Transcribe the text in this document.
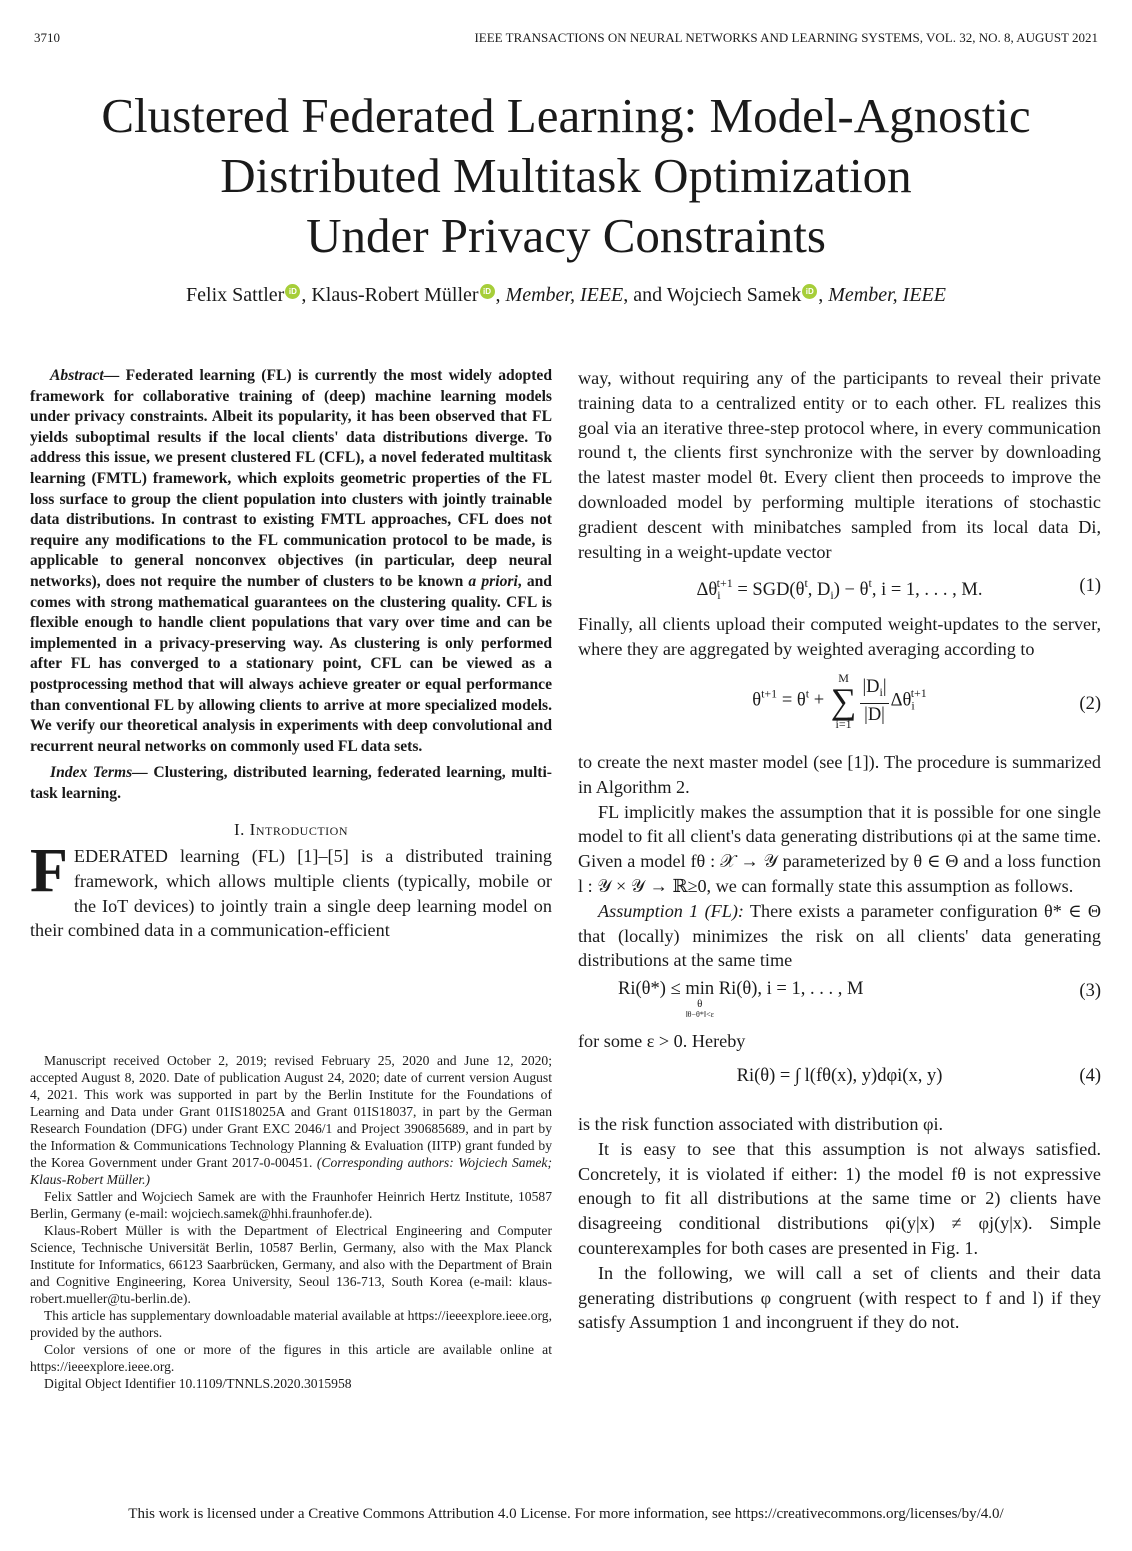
3710	IEEE TRANSACTIONS ON NEURAL NETWORKS AND LEARNING SYSTEMS, VOL. 32, NO. 8, AUGUST 2021
Clustered Federated Learning: Model-Agnostic
Distributed Multitask Optimization
Under Privacy Constraints
Felix Sattler iD , Klaus-Robert Müller iD , Member, IEEE, and Wojciech Samek iD , Member, IEEE

Abstract— Federated learning (FL) is currently the most widely adopted framework for collaborative training of (deep) machine learning models under privacy constraints. Albeit its popularity, it has been observed that FL yields suboptimal results if the local clients' data distributions diverge. To address this issue, we present clustered FL (CFL), a novel federated multitask learning (FMTL) framework, which exploits geometric properties of the FL loss surface to group the client population into clusters with jointly trainable data distributions. In contrast to existing FMTL approaches, CFL does not require any modifications to the FL communication protocol to be made, is applicable to general nonconvex objectives (in particular, deep neural networks), does not require the number of clusters to be known a priori, and comes with strong mathematical guarantees on the clustering quality. CFL is flexible enough to handle client populations that vary over time and can be implemented in a privacy-preserving way. As clustering is only performed after FL has converged to a stationary point, CFL can be viewed as a postprocessing method that will always achieve greater or equal performance than conventional FL by allowing clients to arrive at more specialized models. We verify our theoretical analysis in experiments with deep convolutional and recurrent neural networks on commonly used FL data sets.

Index Terms— Clustering, distributed learning, federated learning, multi-task learning.

I. Introduction

FEDERATED learning (FL) [1]–[5] is a distributed training framework, which allows multiple clients (typically, mobile or the IoT devices) to jointly train a single deep learning model on their combined data in a communication-efficient

Manuscript received October 2, 2019; revised February 25, 2020 and June 12, 2020; accepted August 8, 2020. Date of publication August 24, 2020; date of current version August 4, 2021. This work was supported in part by the Berlin Institute for the Foundations of Learning and Data under Grant 01IS18025A and Grant 01IS18037, in part by the German Research Foundation (DFG) under Grant EXC 2046/1 and Project 390685689, and in part by the Information & Communications Technology Planning & Evaluation (IITP) grant funded by the Korea Government under Grant 2017-0-00451. (Corresponding authors: Wojciech Samek; Klaus-Robert Müller.)

Felix Sattler and Wojciech Samek are with the Fraunhofer Heinrich Hertz Institute, 10587 Berlin, Germany (e-mail: wojciech.samek@hhi.fraunhofer.de).

Klaus-Robert Müller is with the Department of Electrical Engineering and Computer Science, Technische Universität Berlin, 10587 Berlin, Germany, also with the Max Planck Institute for Informatics, 66123 Saarbrücken, Germany, and also with the Department of Brain and Cognitive Engineering, Korea University, Seoul 136-713, South Korea (e-mail: klaus-robert.mueller@tu-berlin.de).

This article has supplementary downloadable material available at https://ieeexplore.ieee.org, provided by the authors.

Color versions of one or more of the figures in this article are available online at https://ieeexplore.ieee.org.

Digital Object Identifier 10.1109/TNNLS.2020.3015958

way, without requiring any of the participants to reveal their private training data to a centralized entity or to each other. FL realizes this goal via an iterative three-step protocol where, in every communication round t, the clients first synchronize with the server by downloading the latest master model θt. Every client then proceeds to improve the downloaded model by performing multiple iterations of stochastic gradient descent with minibatches sampled from its local data Di, resulting in a weight-update vector

$\Delta\theta_i^{t+1} = SGD(\theta^t$, $D_i) - \theta^t$, i = 1, . . . , M.	(1)

Finally, all clients upload their computed weight-updates to the server, where they are aggregated by weighted averaging according to

$\theta^{t+1} = \theta^t$ +
M
∑
$i=1 \frac{|D_i|}{|D|} \Delta\theta_i^{t+1}$
(2)

to create the next master model (see [1]). The procedure is summarized in Algorithm 2.

FL implicitly makes the assumption that it is possible for one single model to fit all client's data generating distributions φi at the same time. Given a model fθ : 𝒳 → 𝒴 parameterized by θ ∈ Θ and a loss function l : 𝒴 × 𝒴 → ℝ≥0, we can formally state this assumption as follows.

Assumption 1 (FL): There exists a parameter configuration θ* ∈ Θ that (locally) minimizes the risk on all clients' data generating distributions at the same time

Ri(θ*) ≤ min
θ
‖θ−θ*‖<ε
Ri(θ), i = 1, . . . , M	(3)

for some ε > 0. Hereby

Ri(θ) = ∫ l(fθ(x), y)dφi(x, y)	(4)

is the risk function associated with distribution φi.

It is easy to see that this assumption is not always satisfied. Concretely, it is violated if either: 1) the model fθ is not expressive enough to fit all distributions at the same time or 2) clients have disagreeing conditional distributions φi(y|x) ≠ φj(y|x). Simple counterexamples for both cases are presented in Fig. 1.

In the following, we will call a set of clients and their data generating distributions φ congruent (with respect to f and l) if they satisfy Assumption 1 and incongruent if they do not.

This work is licensed under a Creative Commons Attribution 4.0 License. For more information, see https://creativecommons.org/licenses/by/4.0/
